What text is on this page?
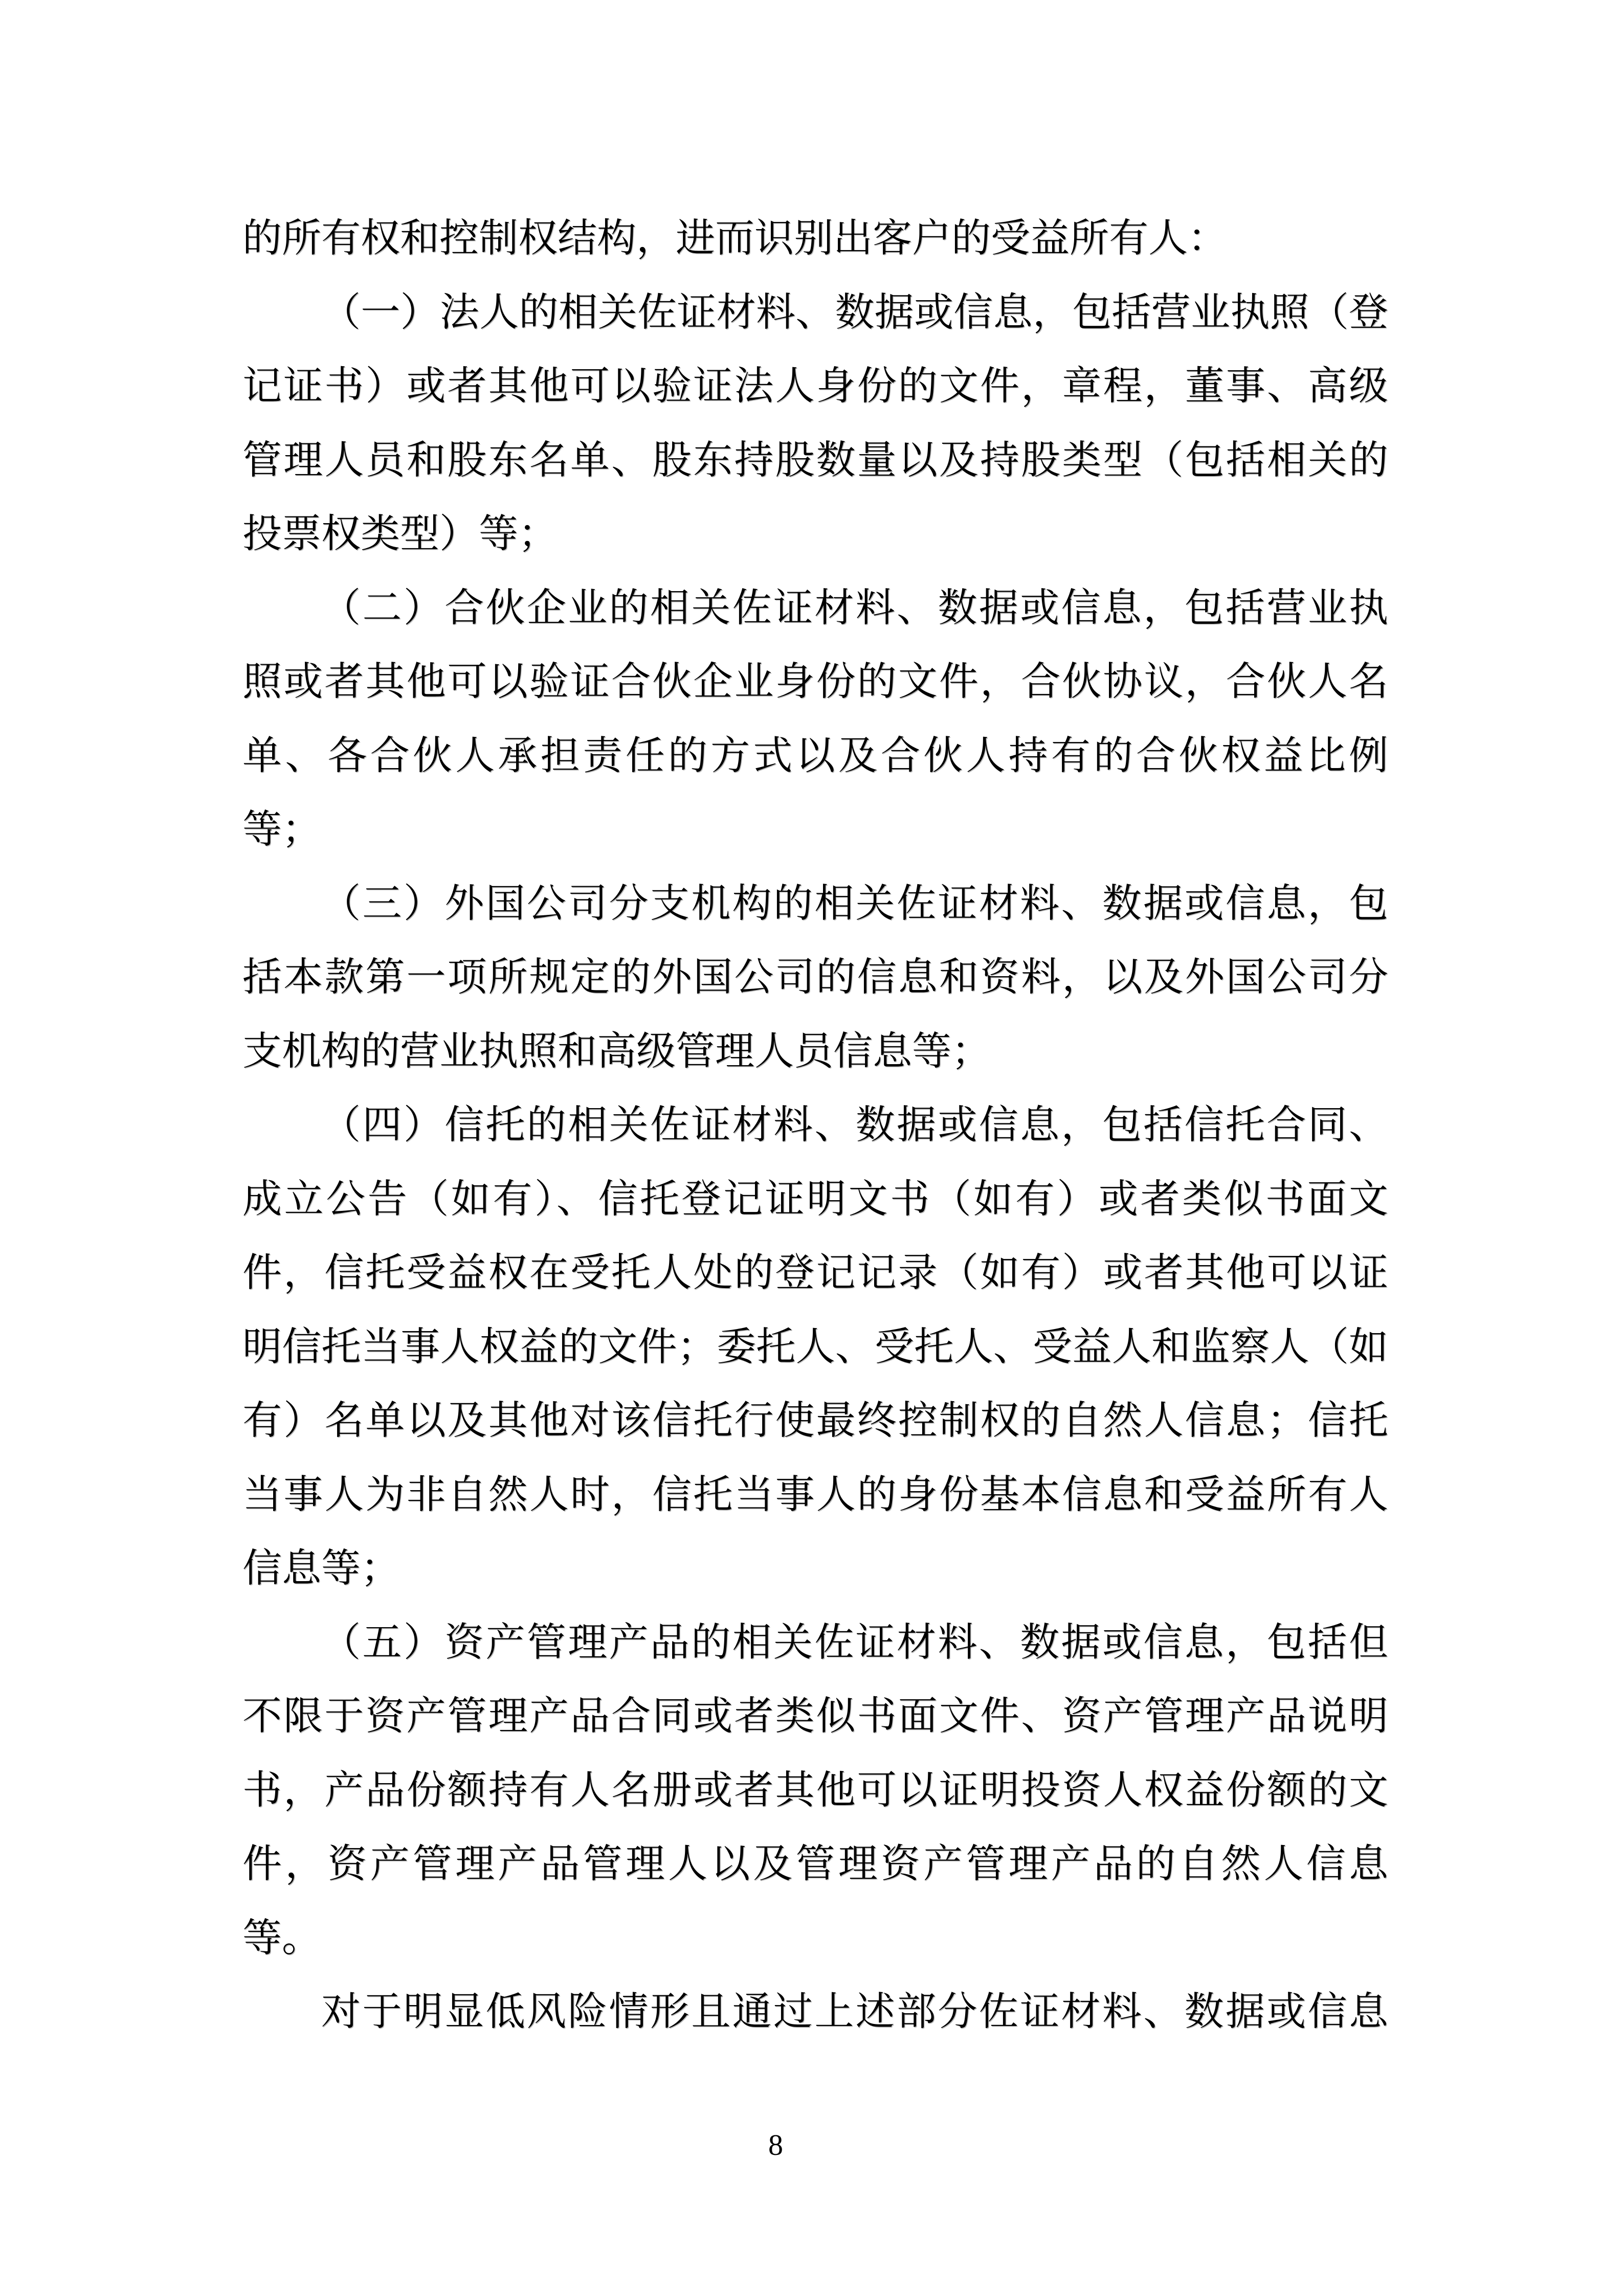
的所有权和控制权结构，进而识别出客户的受益所有人：
（一）法人的相关佐证材料、数据或信息，包括营业执照（登
记证书）或者其他可以验证法人身份的文件，章程，董事、高级
管理人员和股东名单、股东持股数量以及持股类型（包括相关的
投票权类型）等；
（二）合伙企业的相关佐证材料、数据或信息，包括营业执
照或者其他可以验证合伙企业身份的文件，合伙协议，合伙人名
单、各合伙人承担责任的方式以及合伙人持有的合伙权益比例
等；
（三）外国公司分支机构的相关佐证材料、数据或信息，包
括本款第一项所规定的外国公司的信息和资料，以及外国公司分
支机构的营业执照和高级管理人员信息等；
（四）信托的相关佐证材料、数据或信息，包括信托合同、
成立公告（如有）、信托登记证明文书（如有）或者类似书面文
件，信托受益权在受托人处的登记记录（如有）或者其他可以证
明信托当事人权益的文件；委托人、受托人、受益人和监察人（如
有）名单以及其他对该信托行使最终控制权的自然人信息；信托
当事人为非自然人时，信托当事人的身份基本信息和受益所有人
信息等；
（五）资产管理产品的相关佐证材料、数据或信息，包括但
不限于资产管理产品合同或者类似书面文件、资产管理产品说明
书，产品份额持有人名册或者其他可以证明投资人权益份额的文
件，资产管理产品管理人以及管理资产管理产品的自然人信息
等。
对于明显低风险情形且通过上述部分佐证材料、数据或信息
8
